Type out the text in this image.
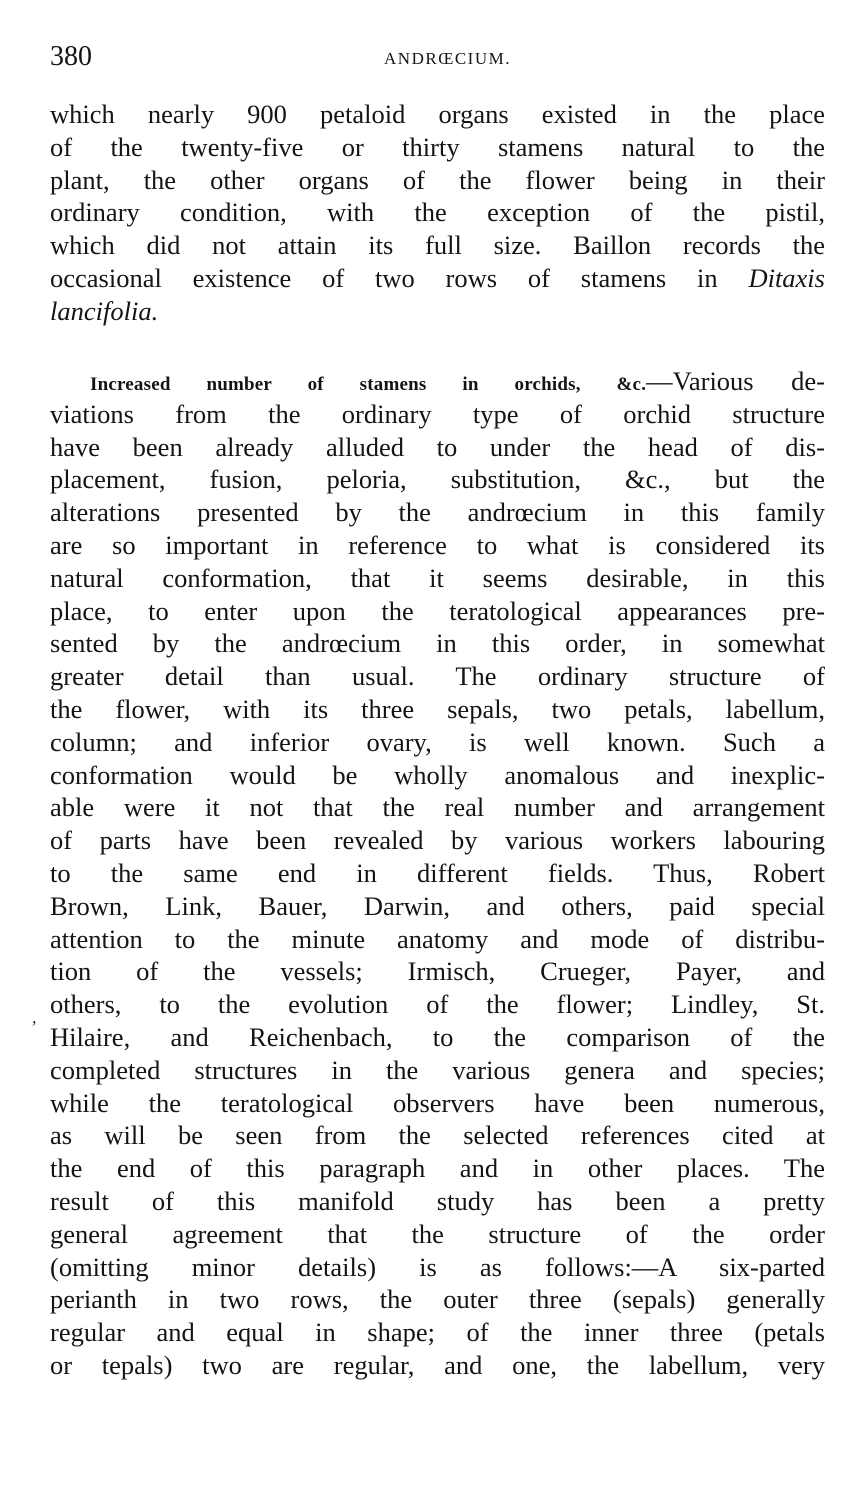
380	ANDRŒCIUM.
which nearly 900 petaloid organs existed in the place
of the twenty-five or thirty stamens natural to the
plant, the other organs of the flower being in their
ordinary condition, with the exception of the pistil,
which did not attain its full size. Baillon records the
occasional existence of two rows of stamens in Ditaxis
lancifolia.
Increased number of stamens in orchids, &c.—Various de-
viations from the ordinary type of orchid structure
have been already alluded to under the head of dis-
placement, fusion, peloria, substitution, &c., but the
alterations presented by the andrœcium in this family
are so important in reference to what is considered its
natural conformation, that it seems desirable, in this
place, to enter upon the teratological appearances pre-
sented by the andrœcium in this order, in somewhat
greater detail than usual. The ordinary structure of
the flower, with its three sepals, two petals, labellum,
column; and inferior ovary, is well known. Such a
conformation would be wholly anomalous and inexplic-
able were it not that the real number and arrangement
of parts have been revealed by various workers labouring
to the same end in different fields. Thus, Robert
Brown, Link, Bauer, Darwin, and others, paid special
attention to the minute anatomy and mode of distribu-
tion of the vessels; Irmisch, Crueger, Payer, and
others, to the evolution of the flower; Lindley, St.
Hilaire, and Reichenbach, to the comparison of the
completed structures in the various genera and species;
while the teratological observers have been numerous,
as will be seen from the selected references cited at
the end of this paragraph and in other places. The
result of this manifold study has been a pretty
general agreement that the structure of the order
(omitting minor details) is as follows:—A six-parted
perianth in two rows, the outer three (sepals) generally
regular and equal in shape; of the inner three (petals
or tepals) two are regular, and one, the labellum, very
,
